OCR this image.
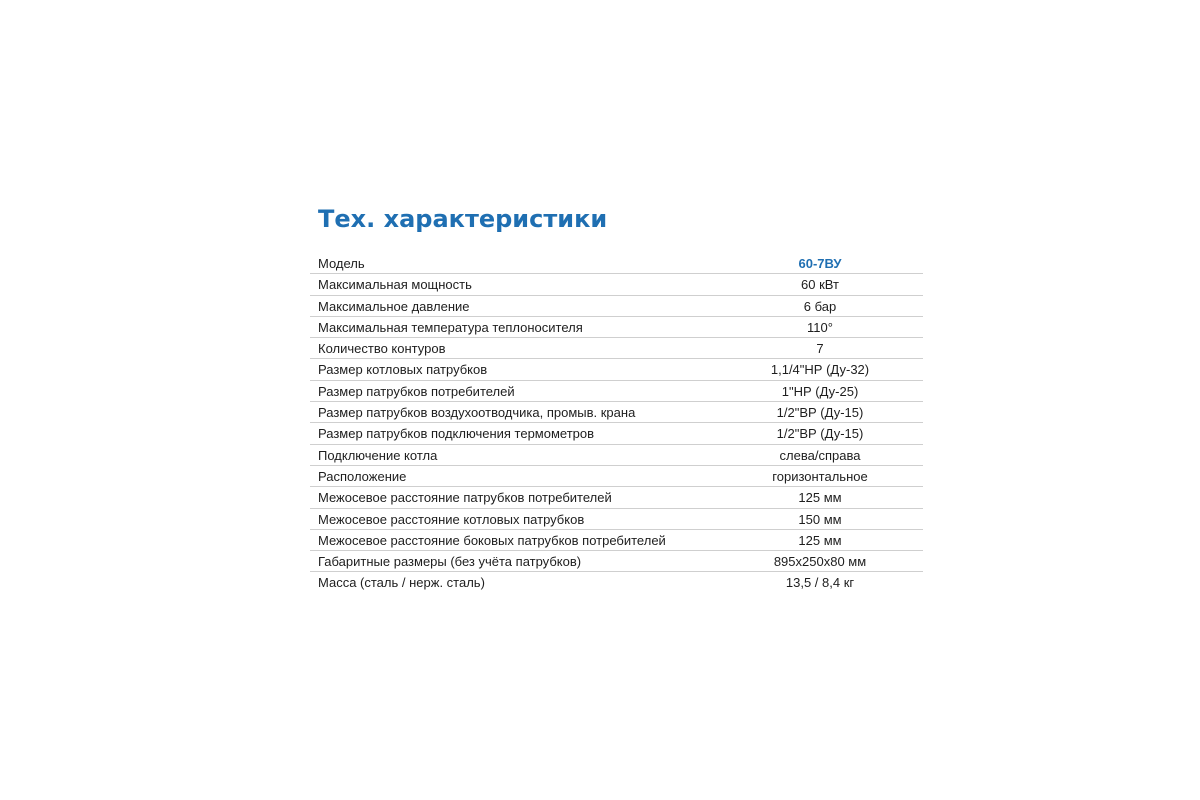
Тех. характеристики
Модель	60-7ВУ
Максимальная мощность	60 кВт
Максимальное давление	6 бар
Максимальная температура теплоносителя	110°
Количество контуров	7
Размер котловых патрубков	1,1/4"НР (Ду-32)
Размер патрубков потребителей	1"НР (Ду-25)
Размер патрубков воздухоотводчика, промыв. крана	1/2"ВР (Ду-15)
Размер патрубков подключения термометров	1/2"ВР (Ду-15)
Подключение котла	слева/справа
Расположение	горизонтальное
Межосевое расстояние патрубков потребителей	125 мм
Межосевое расстояние котловых патрубков	150 мм
Межосевое расстояние боковых патрубков потребителей	125 мм
Габаритные размеры (без учёта патрубков)	895х250х80 мм
Масса (сталь / нерж. сталь)	13,5 / 8,4 кг
